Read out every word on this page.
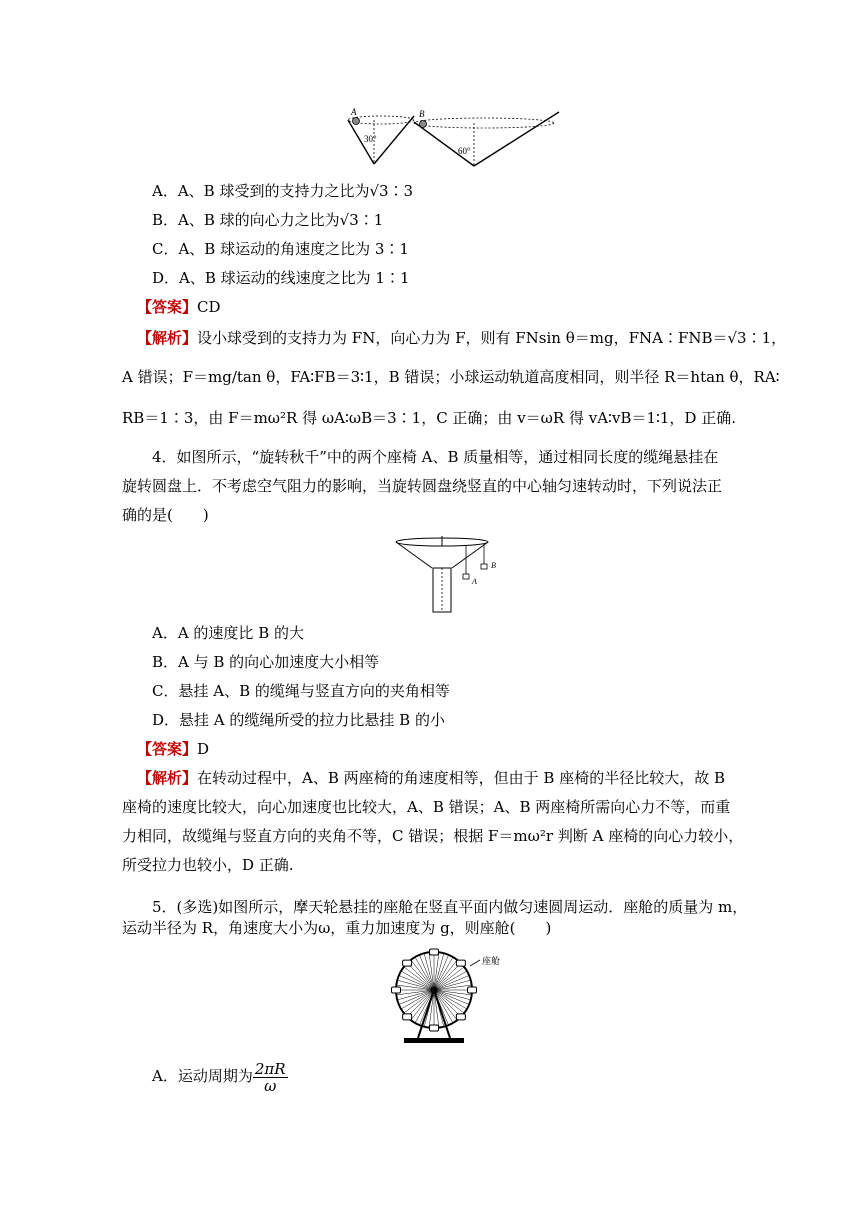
A
30°
B
60°
A．A、B 球受到的支持力之比为√3∶3
B．A、B 球的向心力之比为√3∶1
C．A、B 球运动的角速度之比为 3∶1
D．A、B 球运动的线速度之比为 1∶1
【答案】CD
【解析】设小球受到的支持力为 FN，向心力为 F，则有 FNsin θ＝mg，FNA∶FNB＝√3∶1，
A 错误；F＝mg/tan θ，FA∶FB＝3∶1，B 错误；小球运动轨道高度相同，则半径 R＝htan θ，RA∶
RB＝1∶3，由 F＝mω²R 得 ωA∶ωB＝3∶1，C 正确；由 v＝ωR 得 vA∶vB＝1∶1，D 正确.
4．如图所示，“旋转秋千”中的两个座椅 A、B 质量相等，通过相同长度的缆绳悬挂在
旋转圆盘上．不考虑空气阻力的影响，当旋转圆盘绕竖直的中心轴匀速转动时，下列说法正
确的是(　　)
A
B
A．A 的速度比 B 的大
B．A 与 B 的向心加速度大小相等
C．悬挂 A、B 的缆绳与竖直方向的夹角相等
D．悬挂 A 的缆绳所受的拉力比悬挂 B 的小
【答案】D
【解析】在转动过程中，A、B 两座椅的角速度相等，但由于 B 座椅的半径比较大，故 B
座椅的速度比较大，向心加速度也比较大，A、B 错误；A、B 两座椅所需向心力不等，而重
力相同，故缆绳与竖直方向的夹角不等，C 错误；根据 F＝mω²r 判断 A 座椅的向心力较小，
所受拉力也较小，D 正确.
5．(多选)如图所示，摩天轮悬挂的座舱在竖直平面内做匀速圆周运动．座舱的质量为 m，
运动半径为 R，角速度大小为ω，重力加速度为 g，则座舱(　　)
座舱
A．运动周期为 $\frac{2\pi R}{\omega}$
